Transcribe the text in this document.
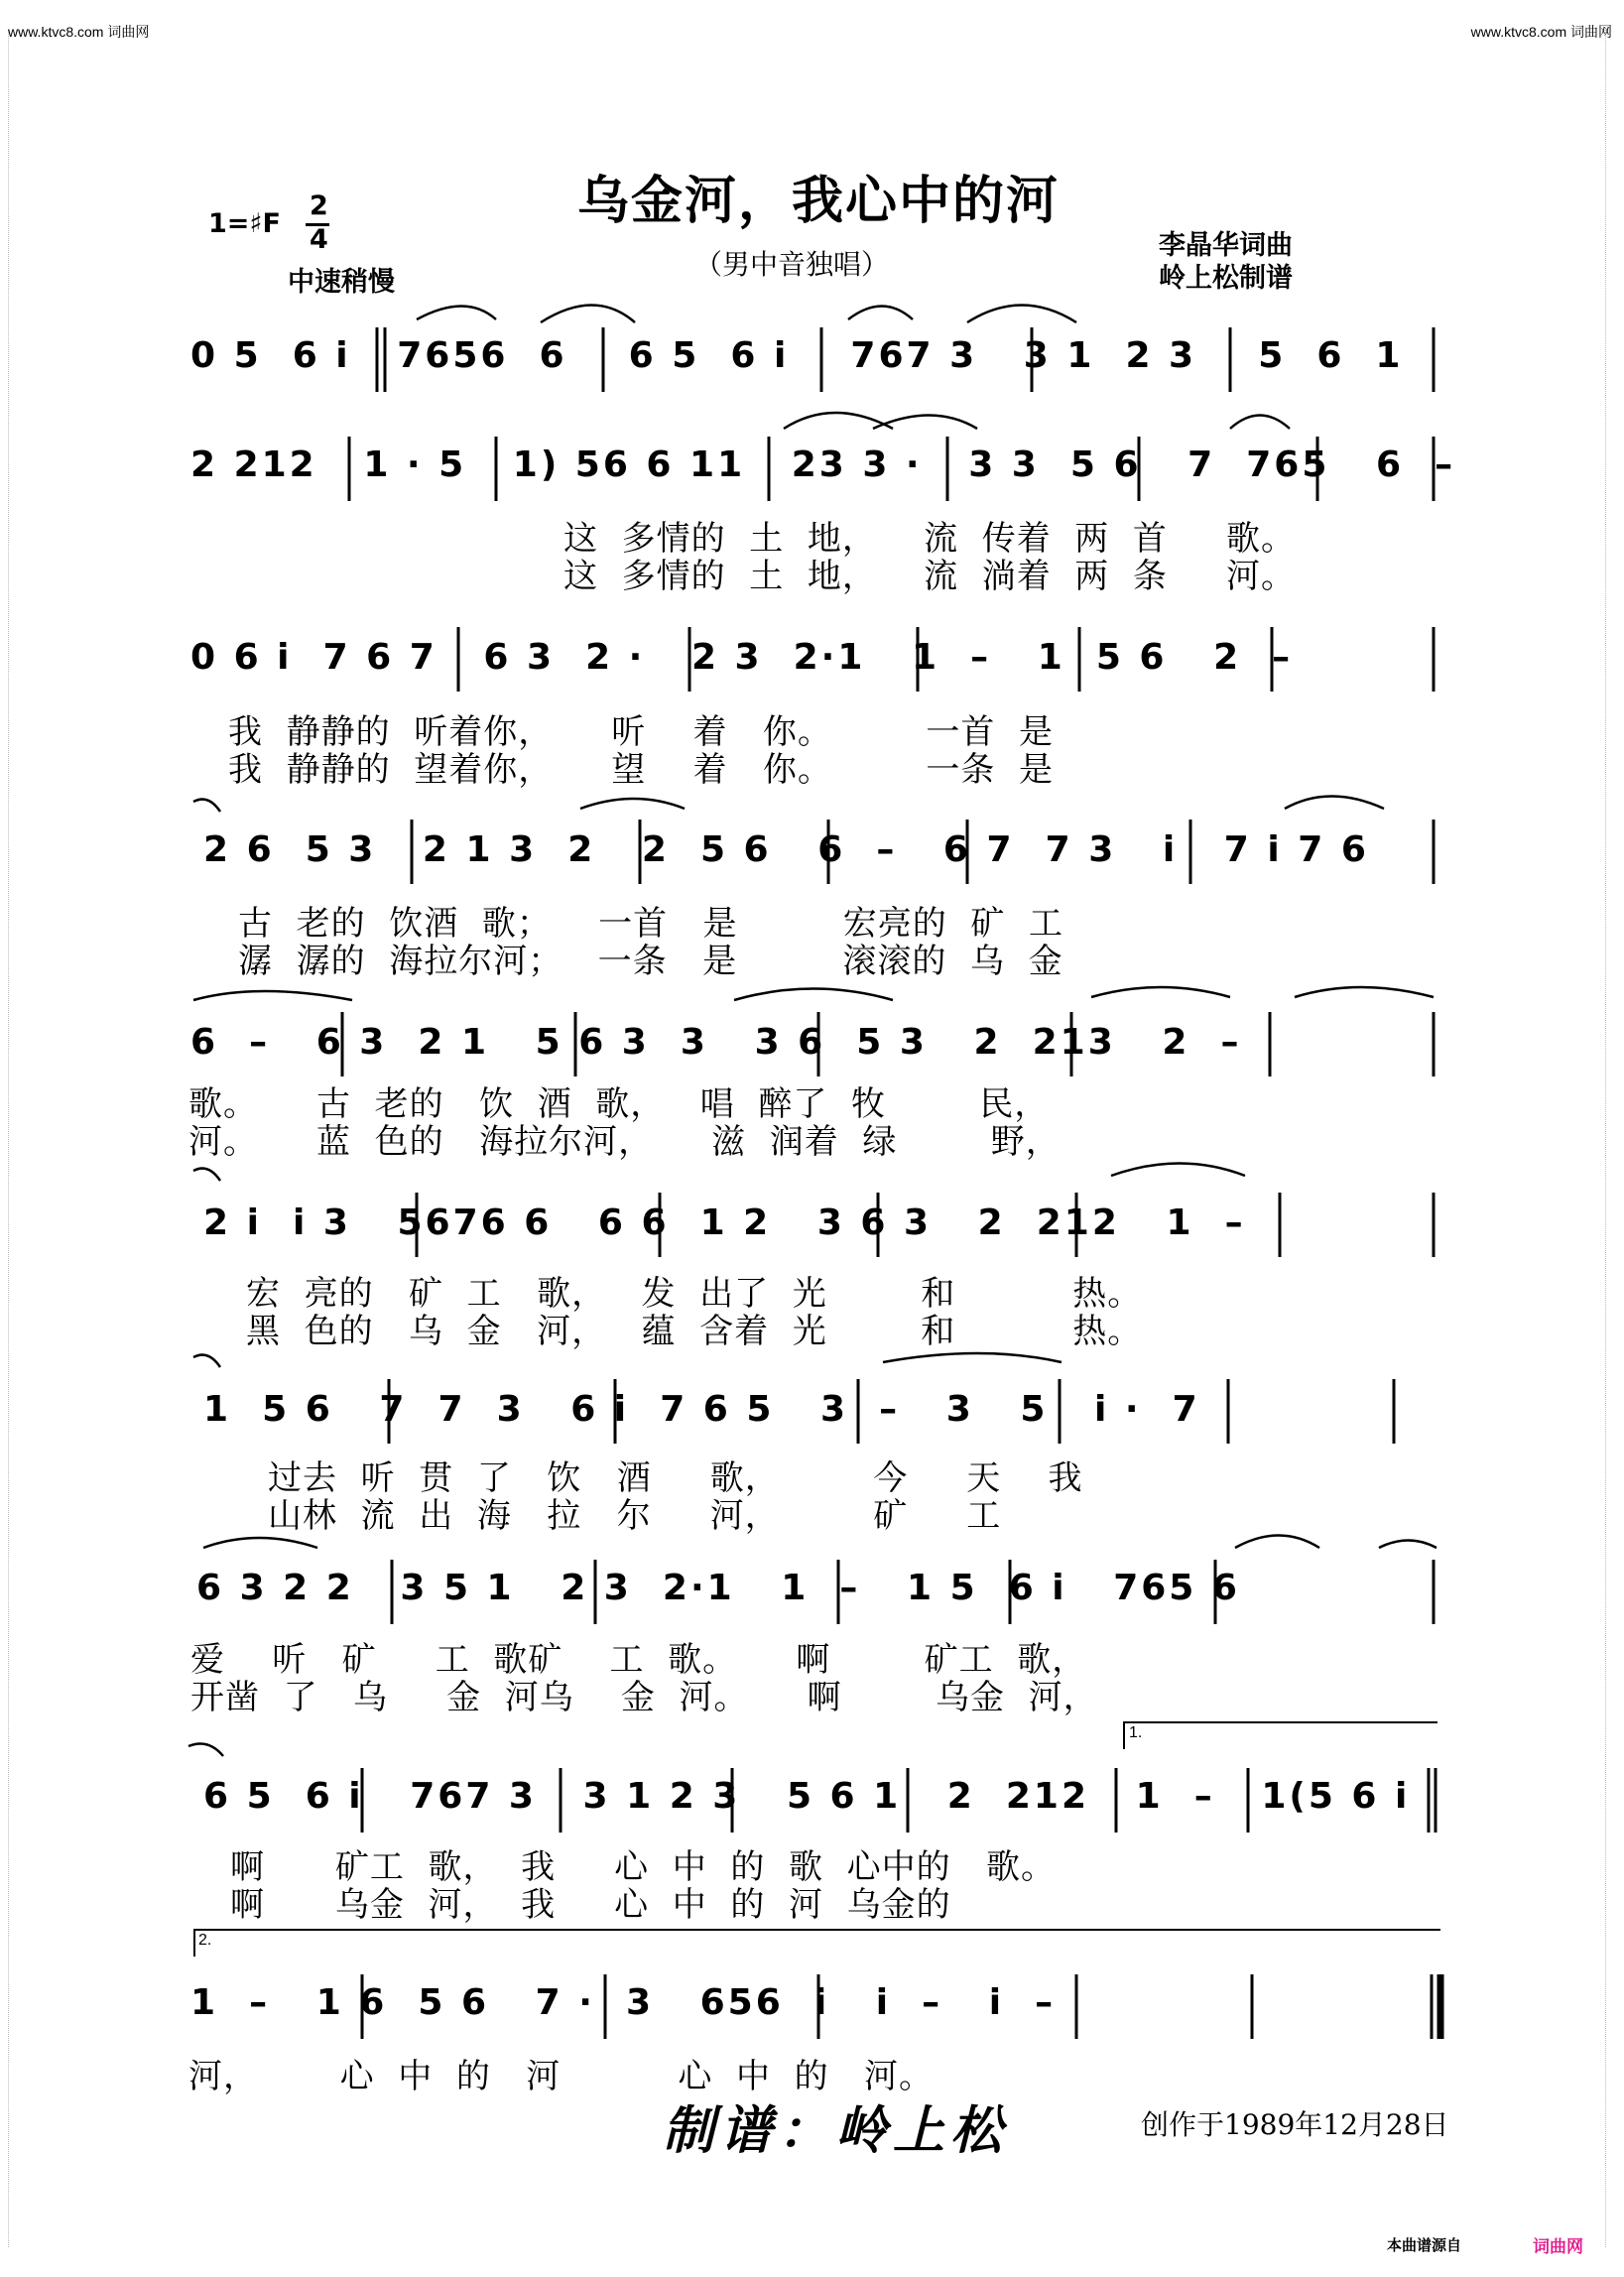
www.ktvc8.com 词曲网	www.ktvc8.com 词曲网
乌金河，我心中的河
（男中音独唱）
1=♯F
2
4
中速稍慢
李晶华词曲
岭上松制谱
0 5  6 i   7656  6    6 5  6 i    767 3   3 1  2 3    5  6  1
2 212   1 · 5   1) 56 6 11   23 3 ·   3 3  5 6   7  765   6  –
这  多情的  土  地，    流  传着  两  首     歌。
这  多情的  土  地，    流  淌着  两  条     河。
0 6 i  7 6 7   6 3  2 ·   2 3  2·1   1  –   1  5 6   2  –
我  静静的  听着你，     听    着   你。        一首  是
我  静静的  望着你，     望    着   你。        一条  是
2 6  5 3   2 1 3  2   2  5 6   6  –   6 7  7 3   i   7 i 7 6
古  老的  饮酒  歌；    一首   是         宏亮的  矿  工
潺  潺的  海拉尔河；   一条   是         滚滚的  乌  金
6  –   6 3  2 1   5 6 3  3   3 6  5 3   2  213   2  –
歌。     古  老的   饮  酒  歌，   唱  醉了  牧        民，
河。     蓝  色的   海拉尔河，     滋  润着  绿        野，
2 i  i 3   5676 6   6 6  1 2   3 6 3   2  212   1  –
宏  亮的   矿  工   歌，   发  出了  光        和          热。
黑  色的   乌  金   河，   蕴  含着  光        和          热。
1  5 6   7  7  3   6 i  7 6 5   3  –   3   5   i ·  7
过去  听  贯  了   饮   酒     歌，        今     天    我
山林  流  出  海   拉   尔     河，        矿     工
6 3 2 2   3 5 1   2 3  2·1   1  –   1 5  6 i   765 6
爱    听   矿     工  歌矿    工  歌。     啊        矿工  歌，
开凿  了   乌     金  河乌    金  河。     啊        乌金  河，
6 5  6 i   767 3   3 1 2 3   5 6 1   2  212   1  –   1(5 6 i
啊      矿工  歌，  我     心  中  的  歌  心中的   歌。
啊      乌金  河，  我     心  中  的  河  乌金的
1  –   1 6  5 6   7 ·  3   656  i   i  –   i  –
河，       心  中  的   河          心  中  的   河。
1.
2.
制谱：岭上松	创作于1989年12月28日
本曲谱源自	词曲网
